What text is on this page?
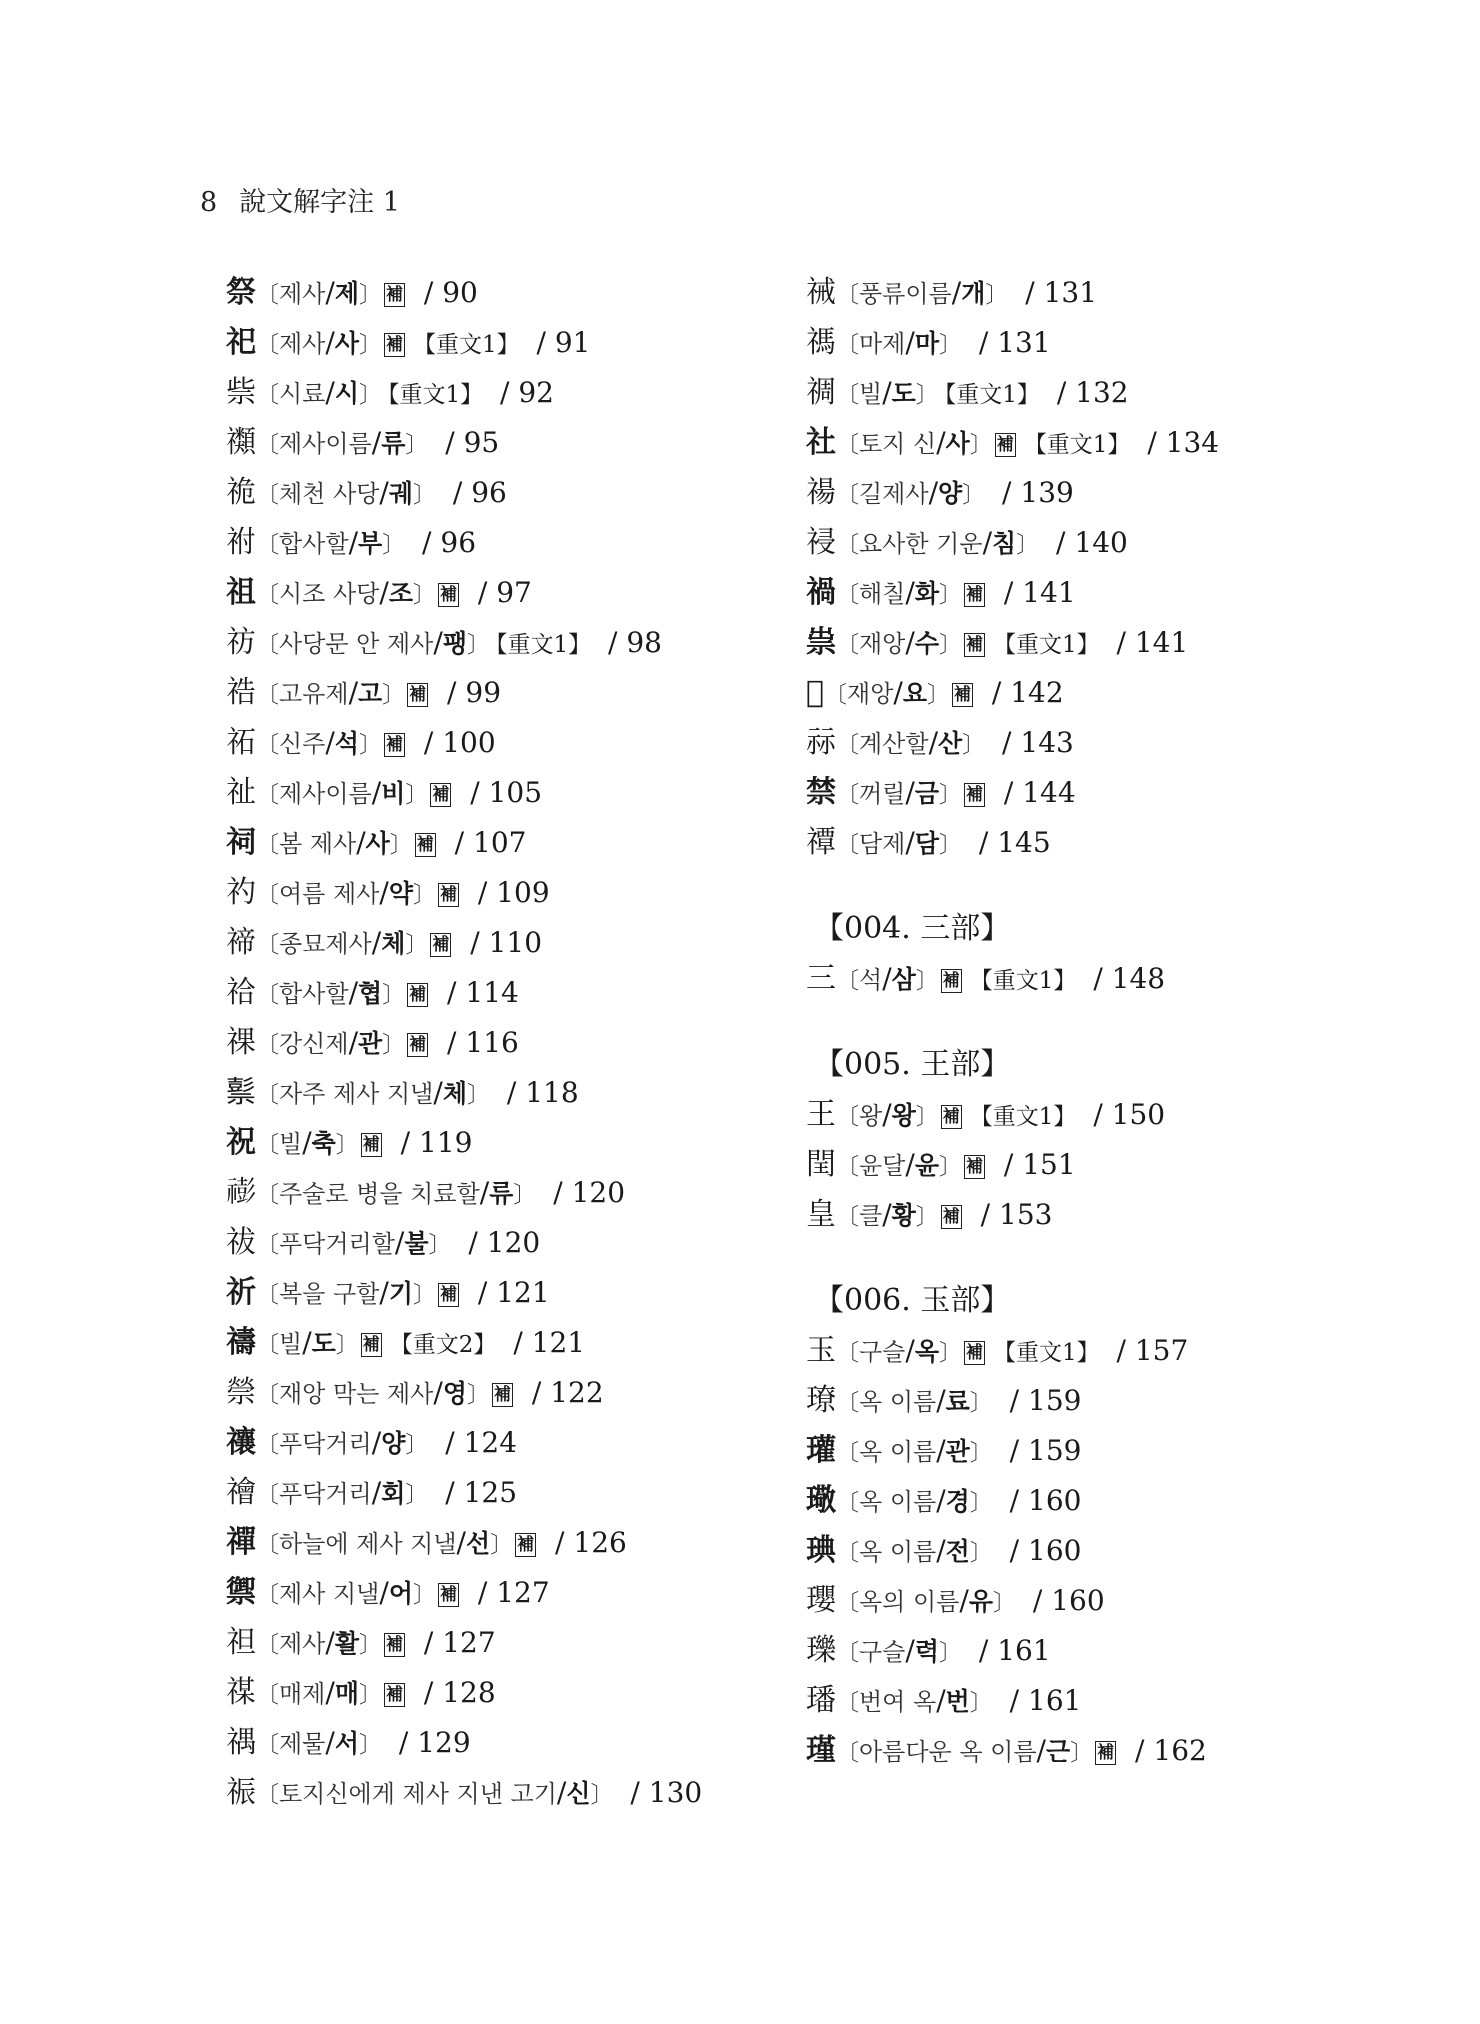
8 說文解字注 1
祭〔제사/제〕 補 / 90
祀〔제사/사〕 補 【重文1】 / 91
祡〔시료/시〕 【重文1】 / 92
禷〔제사이름/류〕 / 95
祪〔체천 사당/궤〕 / 96
祔〔합사할/부〕 / 96
祖〔시조 사당/조〕 補 / 97
祊〔사당문 안 제사/팽〕 【重文1】 / 98
祰〔고유제/고〕 補 / 99
祏〔신주/석〕 補 / 100
祉〔제사이름/비〕 補 / 105
祠〔봄 제사/사〕 補 / 107
礿〔여름 제사/약〕 補 / 109
禘〔종묘제사/체〕 補 / 110
祫〔합사할/협〕 補 / 114
祼〔강신제/관〕 補 / 116
𥛱〔자주 제사 지낼/체〕 / 118
祝〔빌/축〕 補 / 119
𥛻〔주술로 병을 치료할/류〕 / 120
祓〔푸닥거리할/불〕 / 120
祈〔복을 구할/기〕 補 / 121
禱〔빌/도〕 補 【重文2】 / 121
禜〔재앙 막는 제사/영〕 補 / 122
禳〔푸닥거리/양〕 / 124
禬〔푸닥거리/회〕 / 125
禪〔하늘에 제사 지낼/선〕 補 / 126
禦〔제사 지낼/어〕 補 / 127
𥘵〔제사/활〕 補 / 127
禖〔매제/매〕 補 / 128
禑〔제물/서〕 / 129
祳〔토지신에게 제사 지낸 고기/신〕 / 130
祴〔풍류이름/개〕 / 131
禡〔마제/마〕 / 131
禂〔빌/도〕 【重文1】 / 132
社〔토지 신/사〕 補 【重文1】 / 134
禓〔길제사/양〕 / 139
祲〔요사한 기운/침〕 / 140
禍〔해칠/화〕 補 / 141
祟〔재앙/수〕 補 【重文1】 / 141
𥘸〔재앙/요〕 補 / 142
祘〔계산할/산〕 / 143
禁〔꺼릴/금〕 補 / 144
禫〔담제/담〕 / 145
【004. 三部】
三〔석/삼〕 補 【重文1】 / 148
【005. 王部】
王〔왕/왕〕 補 【重文1】 / 150
閏〔윤달/윤〕 補 / 151
皇〔클/황〕 補 / 153
【006. 玉部】
玉〔구슬/옥〕 補 【重文1】 / 157
璙〔옥 이름/료〕 / 159
瓘〔옥 이름/관〕 / 159
璥〔옥 이름/경〕 / 160
琠〔옥 이름/전〕 / 160
瓔〔옥의 이름/유〕 / 160
瓅〔구슬/력〕 / 161
璠〔번여 옥/번〕 / 161
瑾〔아름다운 옥 이름/근〕 補 / 162
